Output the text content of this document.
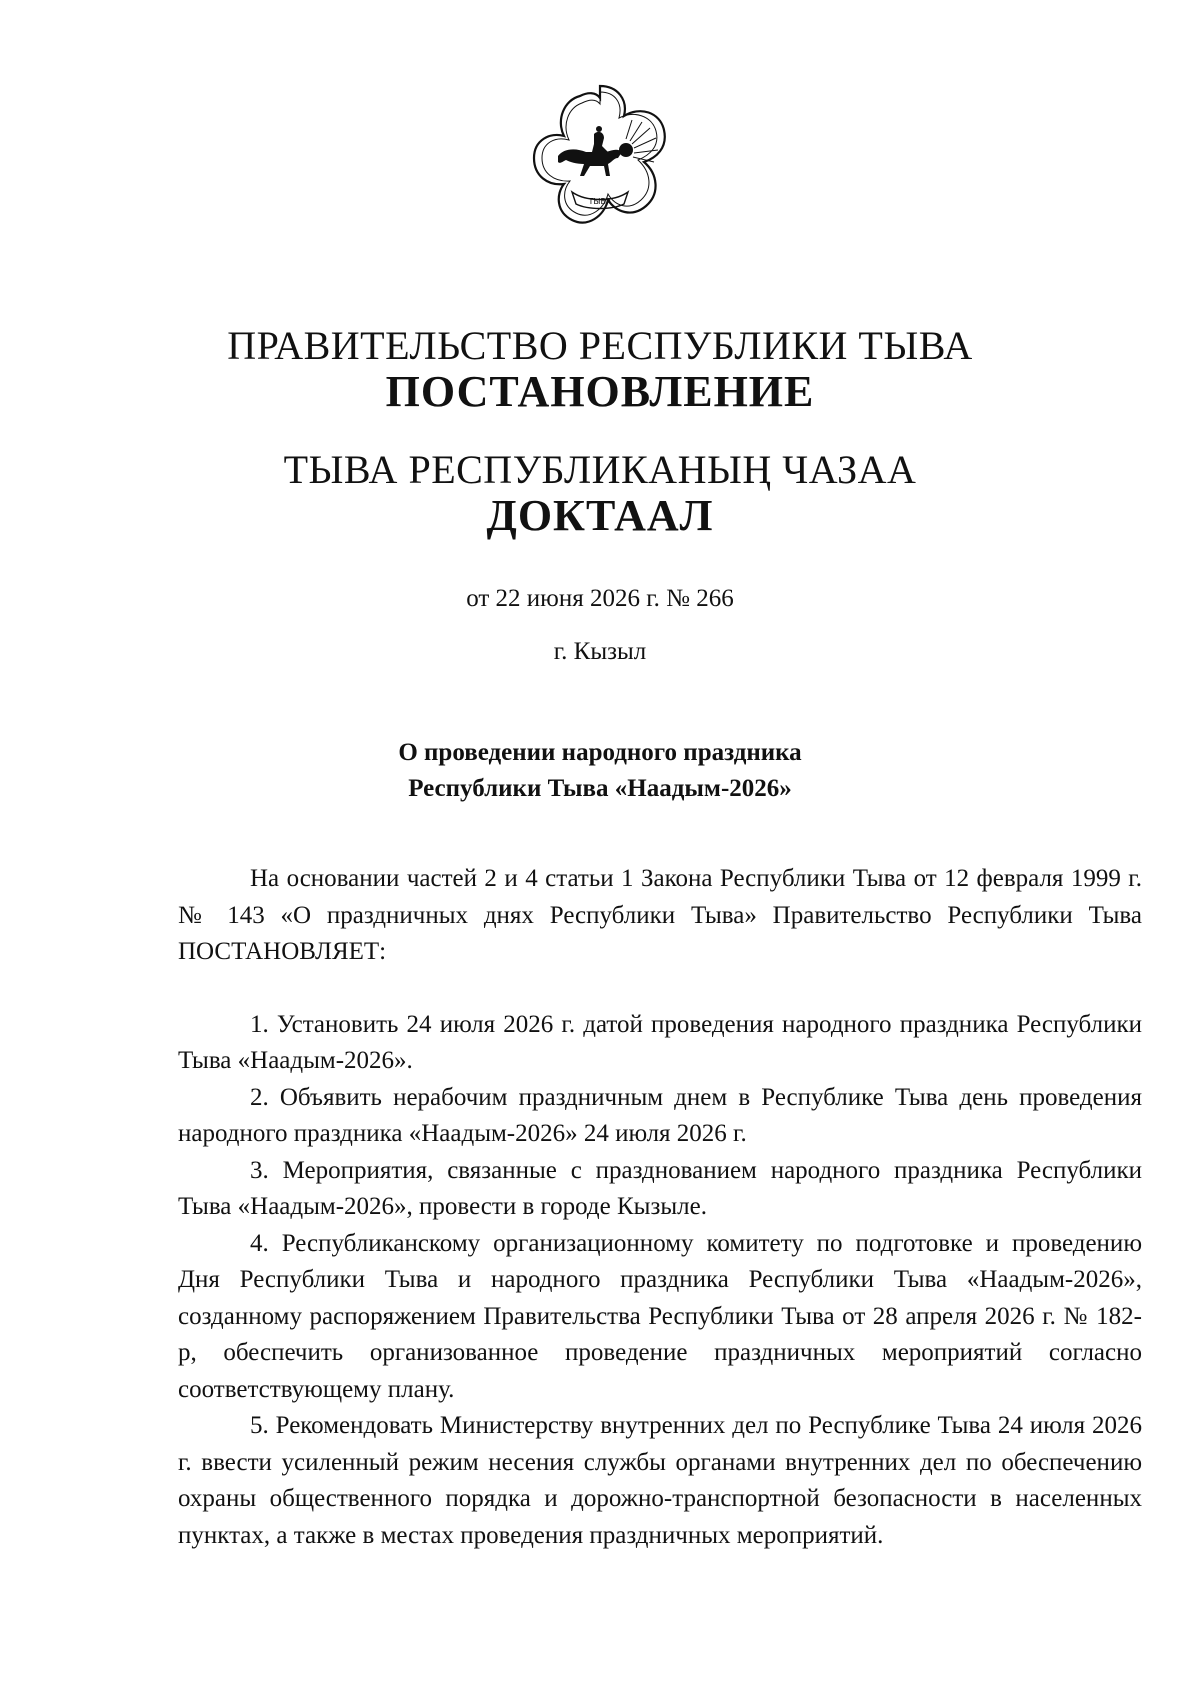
ТЫВА
ПРАВИТЕЛЬСТВО РЕСПУБЛИКИ ТЫВА
ПОСТАНОВЛЕНИЕ
ТЫВА РЕСПУБЛИКАНЫҢ ЧАЗАА
ДОКТААЛ
от 22 июня 2026 г. № 266
г. Кызыл
О проведении народного праздника
Республики Тыва «Наадым-2026»

На основании частей 2 и 4 статьи 1 Закона Республики Тыва от 12 февраля 1999 г. № 143 «О праздничных днях Республики Тыва» Правительство Республики Тыва ПОСТАНОВЛЯЕТ:

1. Установить 24 июля 2026 г. датой проведения народного праздника Республики Тыва «Наадым-2026».

2. Объявить нерабочим праздничным днем в Республике Тыва день проведения народного праздника «Наадым-2026» 24 июля 2026 г.

3. Мероприятия, связанные с празднованием народного праздника Республики Тыва «Наадым-2026», провести в городе Кызыле.

4. Республиканскому организационному комитету по подготовке и проведению Дня Республики Тыва и народного праздника Республики Тыва «Наадым-2026», созданному распоряжением Правительства Республики Тыва от 28 апреля 2026 г. № 182-р, обеспечить организованное проведение праздничных мероприятий согласно соответствующему плану.

5. Рекомендовать Министерству внутренних дел по Республике Тыва 24 июля 2026 г. ввести усиленный режим несения службы органами внутренних дел по обеспечению охраны общественного порядка и дорожно-транспортной безопасности в населенных пунктах, а также в местах проведения праздничных мероприятий.
